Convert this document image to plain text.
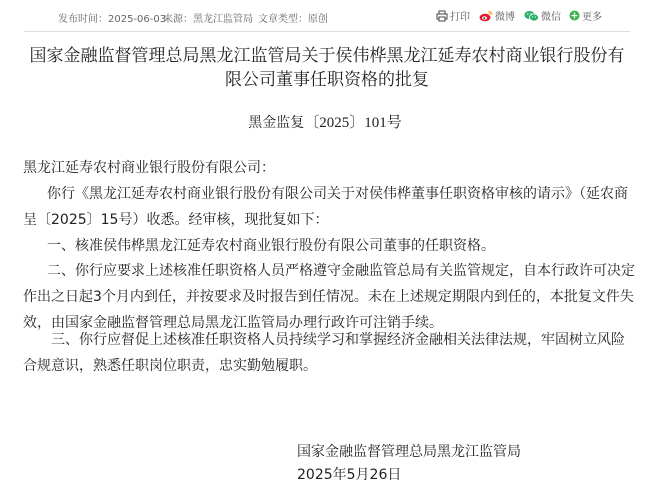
发布时间：2025-06-03
来源：黑龙江监管局 文章类型：原创	打印	微博	微信 更多
国家金融监督管理总局黑龙江监管局关于侯伟桦黑龙江延寿农村商业银行股份有限公司董事任职资格的批复
黑金监复〔2025〕101号
黑龙江延寿农村商业银行股份有限公司：
你行《黑龙江延寿农村商业银行股份有限公司关于对侯伟桦董事任职资格审核的请示》（延农商呈〔2025〕15号）收悉。经审核，现批复如下：
一、核准侯伟桦黑龙江延寿农村商业银行股份有限公司董事的任职资格。
二、你行应要求上述核准任职资格人员严格遵守金融监管总局有关监管规定，自本行政许可决定作出之日起3个月内到任，并按要求及时报告到任情况。未在上述规定期限内到任的，本批复文件失效，由国家金融监督管理总局黑龙江监管局办理行政许可注销手续。
三、你行应督促上述核准任职资格人员持续学习和掌握经济金融相关法律法规，牢固树立风险合规意识，熟悉任职岗位职责，忠实勤勉履职。
国家金融监督管理总局黑龙江监管局
2025年5月26日
